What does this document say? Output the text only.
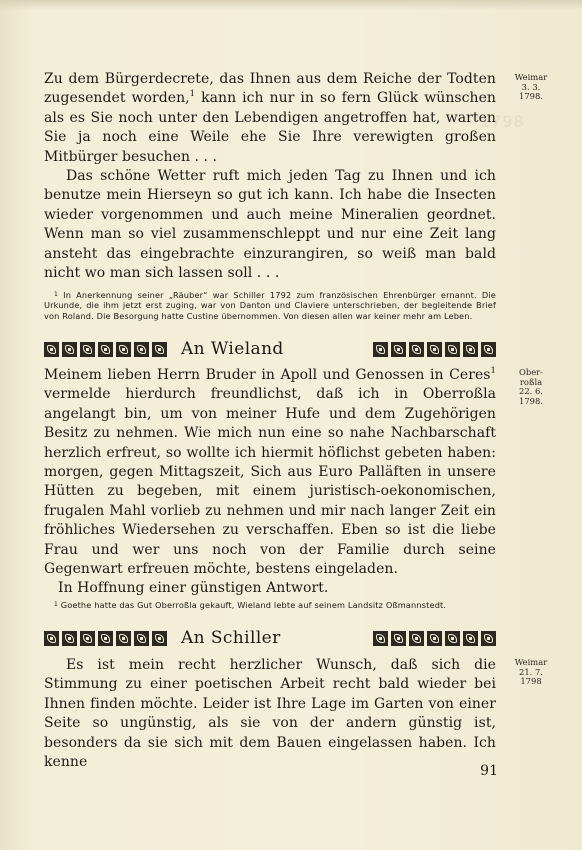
1798

Zu dem Bürgerdecrete, das Ihnen aus dem Reiche der Todten zugesendet worden,$^1$ kann ich nur in so fern Glück wünschen als es Sie noch unter den Lebendigen angetroffen hat, warten Sie ja noch eine Weile ehe Sie Ihre verewigten großen Mitbürger besuchen . . .

Das schöne Wetter ruft mich jeden Tag zu Ihnen und ich benutze mein Hierseyn so gut ich kann. Ich habe die Insecten wieder vorgenommen und auch meine Mineralien geordnet. Wenn man so viel zusammenschleppt und nur eine Zeit lang ansteht das eingebrachte einzurangiren, so weiß man bald nicht wo man sich lassen soll . . .

Weimar
3. 3.
1798.

$^1$ In Anerkennung seiner „Räuber“ war Schiller 1792 zum französischen Ehrenbürger ernannt. Die Urkunde, die ihm jetzt erst zuging, war von Danton und Claviere unterschrieben, der begleitende Brief von Roland. Die Besorgung hatte Custine übernommen. Von diesen allen war keiner mehr am Leben.

An Wieland

Meinem lieben Herrn Bruder in Apoll und Genossen in Ceres$^1$ vermelde hierdurch freundlichst, daß ich in Oberroßla angelangt bin, um von meiner Hufe und dem Zugehörigen Besitz zu nehmen. Wie mich nun eine so nahe Nachbarschaft herzlich erfreut, so wollte ich hiermit höflichst gebeten haben: morgen, gegen Mittagszeit, Sich aus Euro Palläften in unsere Hütten zu begeben, mit einem juristisch-oekonomischen, frugalen Mahl vorlieb zu nehmen und mir nach langer Zeit ein fröhliches Wiedersehen zu verschaffen. Eben so ist die liebe Frau und wer uns noch von der Familie durch seine Gegenwart erfreuen möchte, bestens eingeladen.

In Hoffnung einer günstigen Antwort.

Ober-
roßla
22. 6.
1798.

$^1$ Goethe hatte das Gut Oberroßla gekauft, Wieland lebte auf seinem Landsitz Oßmannstedt.

An Schiller

Es ist mein recht herzlicher Wunsch, daß sich die Stimmung zu einer poetischen Arbeit recht bald wieder bei Ihnen finden möchte. Leider ist Ihre Lage im Garten von einer Seite so ungünstig, als sie von der andern günstig ist, besonders da sie sich mit dem Bauen eingelassen haben. Ich kenne

Weimar
21. 7.
1798
91
